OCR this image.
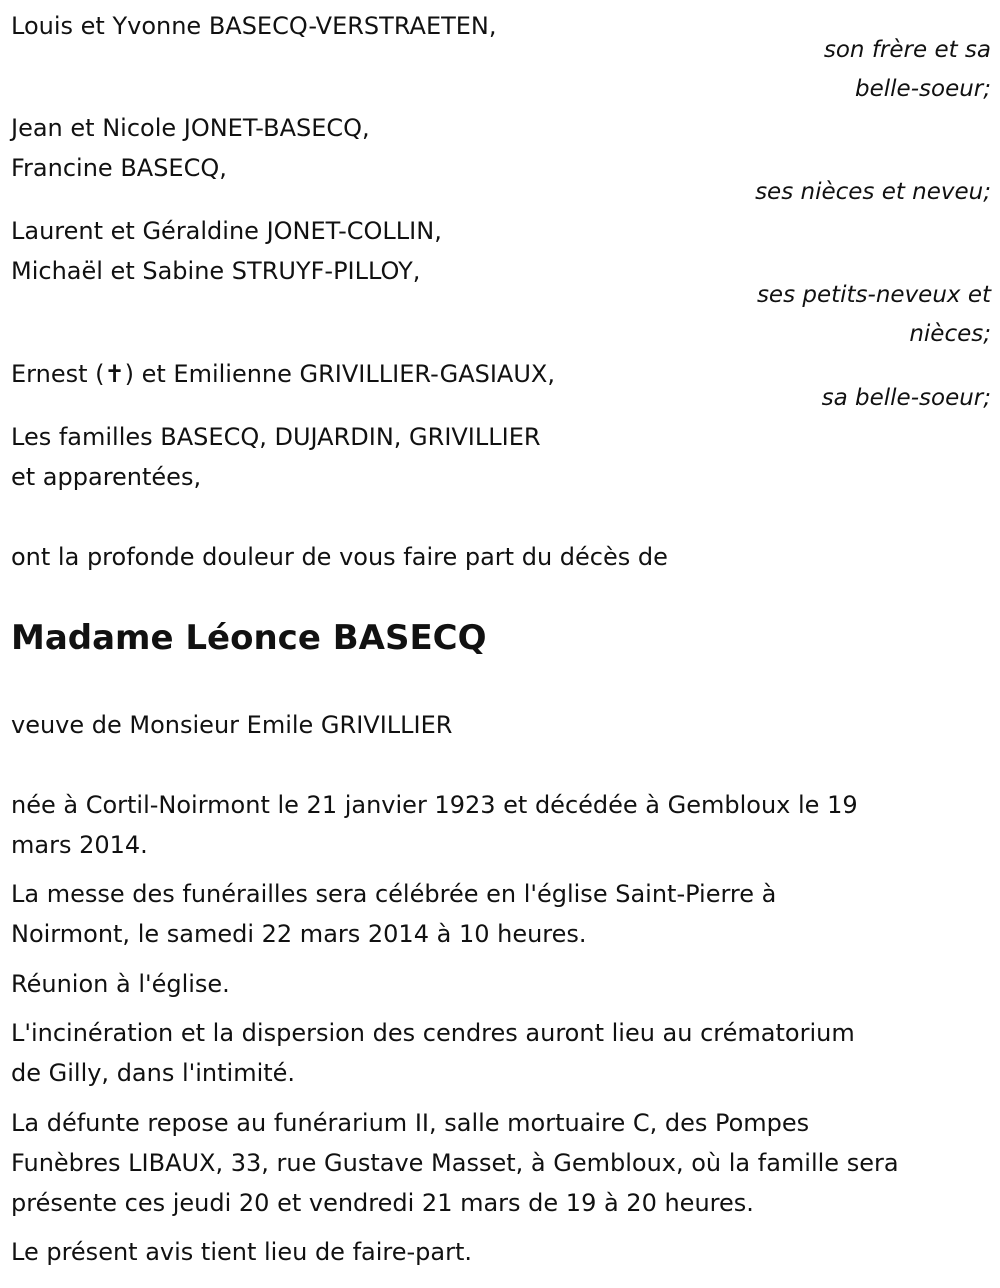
Louis et Yvonne BASECQ-VERSTRAETEN,
son frère et sa
belle-soeur;
Jean et Nicole JONET-BASECQ,
Francine BASECQ,
ses nièces et neveu;
Laurent et Géraldine JONET-COLLIN,
Michaël et Sabine STRUYF-PILLOY,
ses petits-neveux et
nièces;
Ernest (✝) et Emilienne GRIVILLIER-GASIAUX,
sa belle-soeur;
Les familles BASECQ, DUJARDIN, GRIVILLIER
et apparentées,
ont la profonde douleur de vous faire part du décès de
Madame Léonce BASECQ
veuve de Monsieur Emile GRIVILLIER
née à Cortil-Noirmont le 21 janvier 1923 et décédée à Gembloux le 19
mars 2014.
La messe des funérailles sera célébrée en l'église Saint-Pierre à
Noirmont, le samedi 22 mars 2014 à 10 heures.
Réunion à l'église.
L'incinération et la dispersion des cendres auront lieu au crématorium
de Gilly, dans l'intimité.
La défunte repose au funérarium II, salle mortuaire C, des Pompes
Funèbres LIBAUX, 33, rue Gustave Masset, à Gembloux, où la famille sera
présente ces jeudi 20 et vendredi 21 mars de 19 à 20 heures.
Le présent avis tient lieu de faire-part.
